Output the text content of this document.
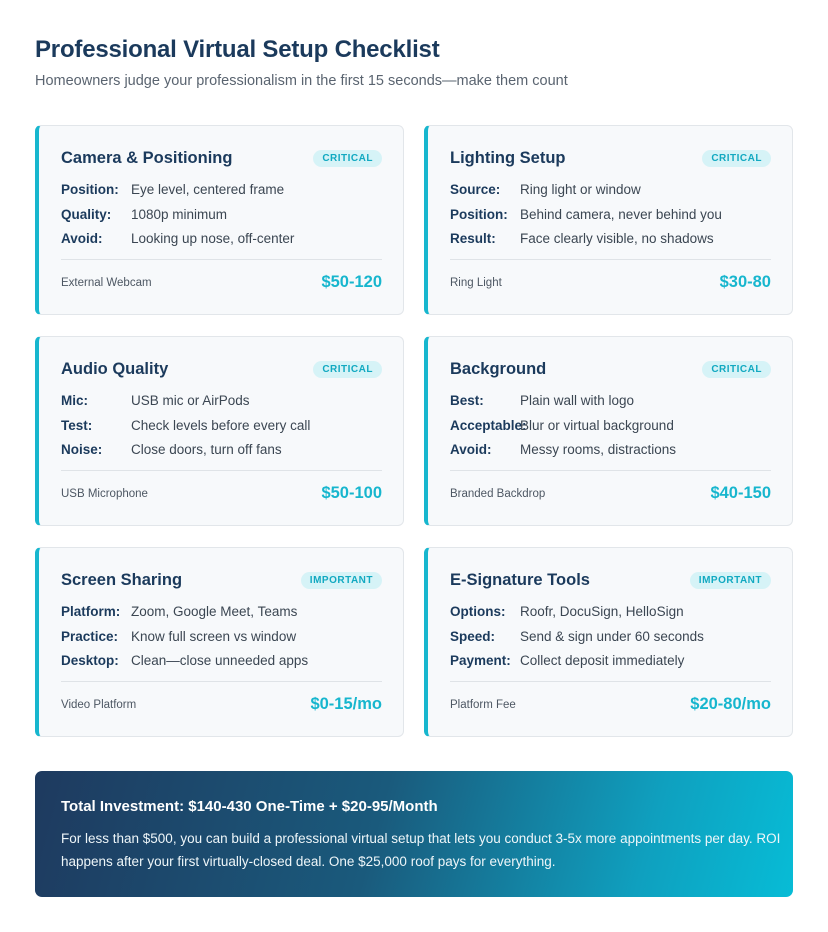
Professional Virtual Setup Checklist

Homeowners judge your professionalism in the first 15 seconds—make them count

Camera & Positioning	CRITICAL
Position: Eye level, centered frame
Quality:	1080p minimum
Avoid:	Looking up nose, off-center
External Webcam	$50-120
Lighting Setup	CRITICAL
Source:	Ring light or window
Position: Behind camera, never behind you
Result:	Face clearly visible, no shadows
Ring Light	$30-80
Audio Quality	CRITICAL
Mic:	USB mic or AirPods
Test:	Check levels before every call
Noise:	Close doors, turn off fans
USB Microphone	$50-100
Background	CRITICAL
Best:	Plain wall with logo
Acceptable:
Blur or virtual background
Avoid:	Messy rooms, distractions
Branded Backdrop	$40-150
Screen Sharing	IMPORTANT
Platform: Zoom, Google Meet, Teams
Practice: Know full screen vs window
Desktop: Clean—close unneeded apps
Video Platform	$0-15/mo
E-Signature Tools	IMPORTANT
Options:	Roofr, DocuSign, HelloSign
Speed:	Send & sign under 60 seconds
Payment: Collect deposit immediately
Platform Fee	$20-80/mo
Total Investment: $140-430 One-Time + $20-95/Month

For less than $500, you can build a professional virtual setup that lets you conduct 3-5x more appointments per day. ROI happens after your first virtually-closed deal. One $25,000 roof pays for everything.
